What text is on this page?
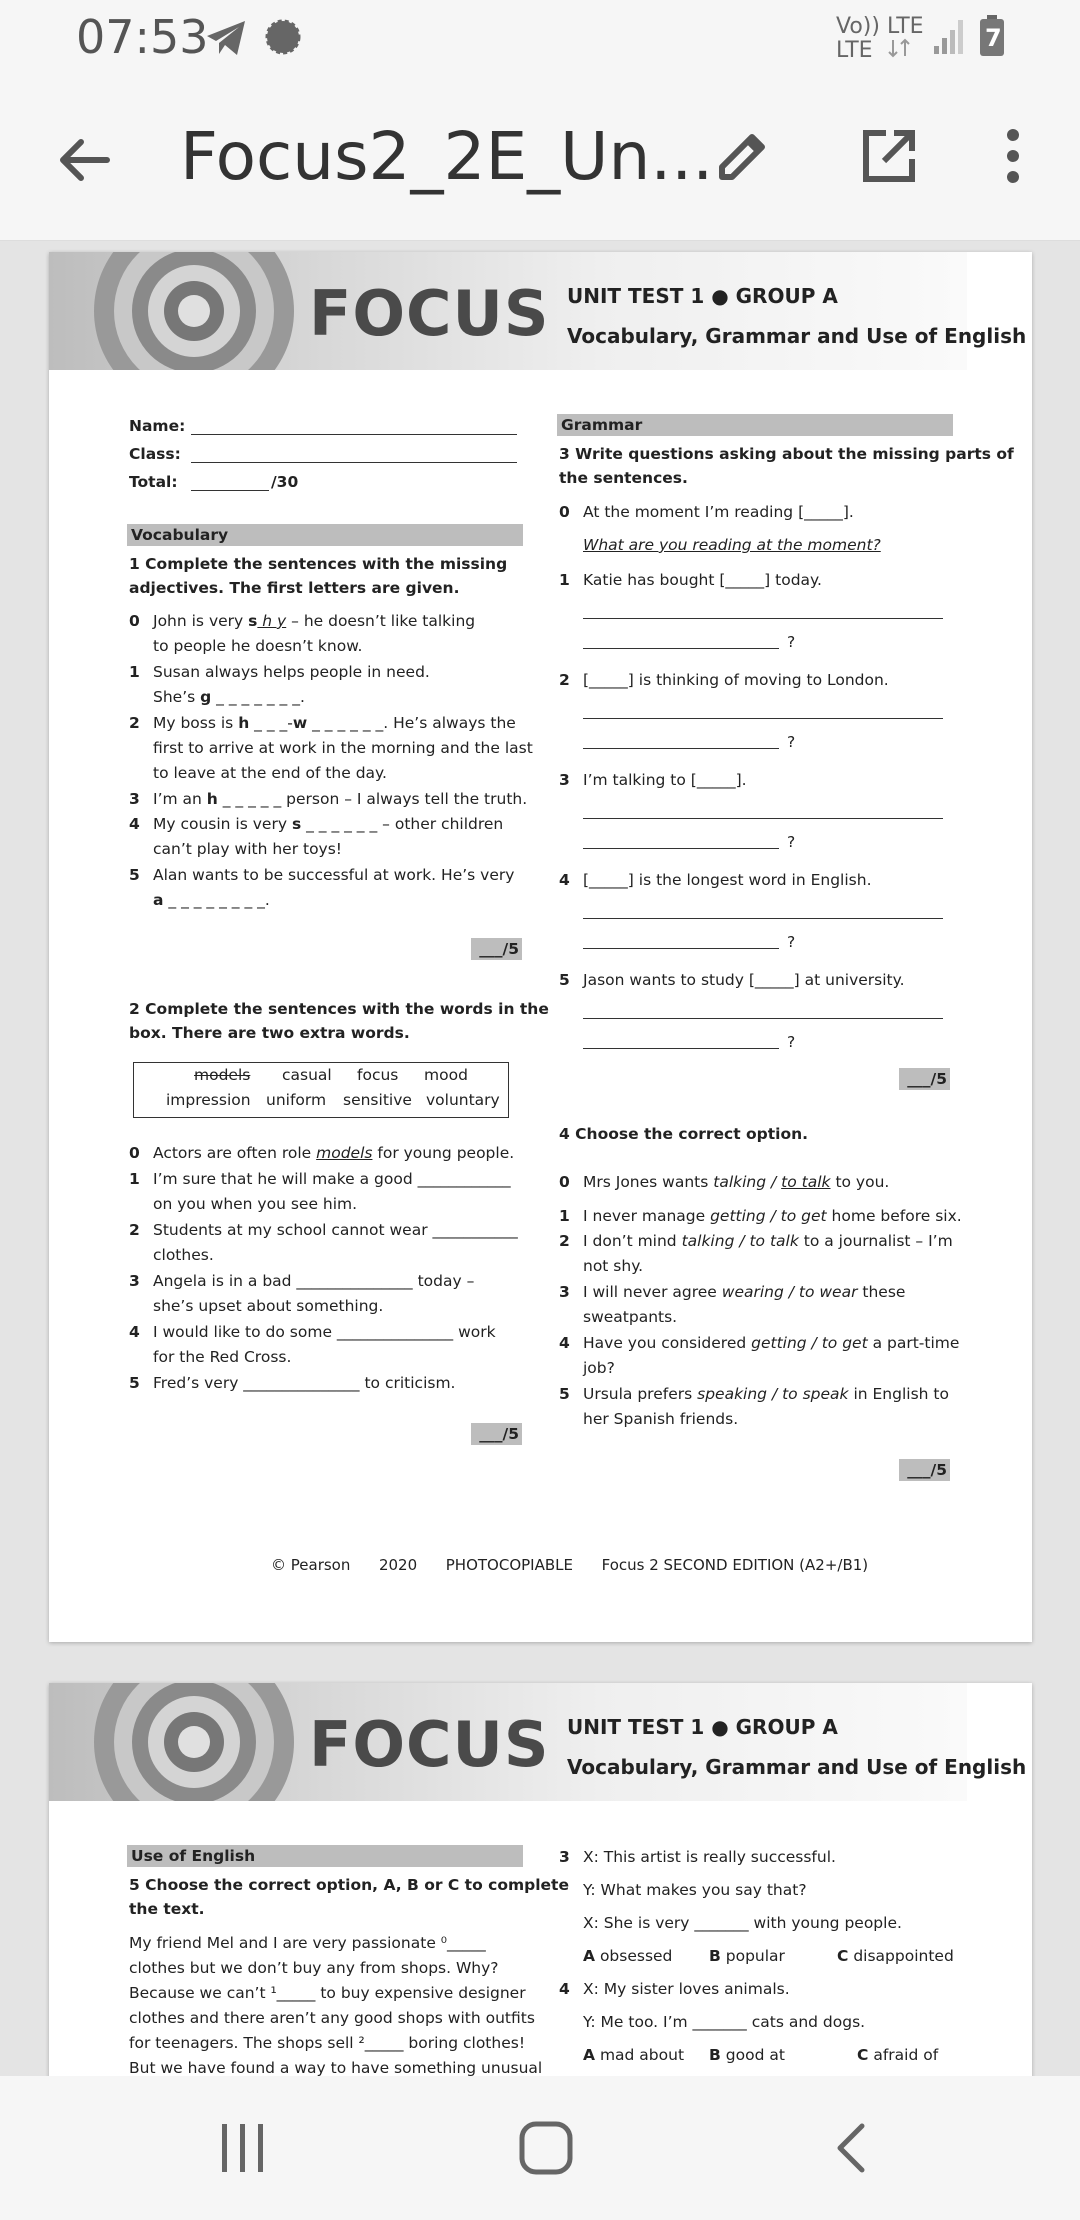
07:53	Vo)) LTE
LTE	7
Focus2_2E_Un...
FOCUS UNIT TEST 1 ● GROUP A
Vocabulary, Grammar and Use of English
Name:
Class:
Total:	/30
Vocabulary
1 Complete the sentences with the missing
adjectives. The first letters are given.
0 John is very s h y – he doesn’t like talking
to people he doesn’t know.
1 Susan always helps people in need.
She’s g _ _ _ _ _ _ _.
2 My boss is h _ _ _-w _ _ _ _ _ _. He’s always the
first to arrive at work in the morning and the last
to leave at the end of the day.
3 I’m an h _ _ _ _ _ person – I always tell the truth.
4 My cousin is very s _ _ _ _ _ _ – other children
can’t play with her toys!
5 Alan wants to be successful at work. He’s very
a _ _ _ _ _ _ _ _.
___/5
2 Complete the sentences with the words in the
box. There are two extra words.
models casual focus mood
impression uniform sensitive voluntary
0 Actors are often role models for young people.
1 I’m sure that he will make a good ____________
on you when you see him.
2 Students at my school cannot wear ___________
clothes.
3 Angela is in a bad _______________ today –
she’s upset about something.
4 I would like to do some _______________ work
for the Red Cross.
5 Fred’s very _______________ to criticism.
___/5
Grammar
3 Write questions asking about the missing parts of
the sentences.
0 At the moment I’m reading [_____].
What are you reading at the moment?
1 Katie has bought [_____] today.
?
2 [_____] is thinking of moving to London.
?
3 I’m talking to [_____].
?
4 [_____] is the longest word in English.
?
5 Jason wants to study [_____] at university.
?
___/5
4 Choose the correct option.
0 Mrs Jones wants talking / to talk to you.
1 I never manage getting / to get home before six.
2 I don’t mind talking / to talk to a journalist – I’m
not shy.
3 I will never agree wearing / to wear these
sweatpants.
4 Have you considered getting / to get a part-time
job?
5 Ursula prefers speaking / to speak in English to
her Spanish friends.
___/5
© Pearson      2020      PHOTOCOPIABLE      Focus 2 SECOND EDITION (A2+/B1)
FOCUS UNIT TEST 1 ● GROUP A
Vocabulary, Grammar and Use of English
Use of English
5 Choose the correct option, A, B or C to complete
the text.
My friend Mel and I are very passionate ⁰_____
clothes but we don’t buy any from shops. Why?
Because we can’t ¹_____ to buy expensive designer
clothes and there aren’t any good shops with outfits
for teenagers. The shops sell ²_____ boring clothes!
But we have found a way to have something unusual
3 X: This artist is really successful.
Y: What makes you say that?
X: She is very _______ with young people.
A obsessed B popular	C disappointed
4 X: My sister loves animals.
Y: Me too. I’m _______ cats and dogs.
A mad about B good at	C afraid of
